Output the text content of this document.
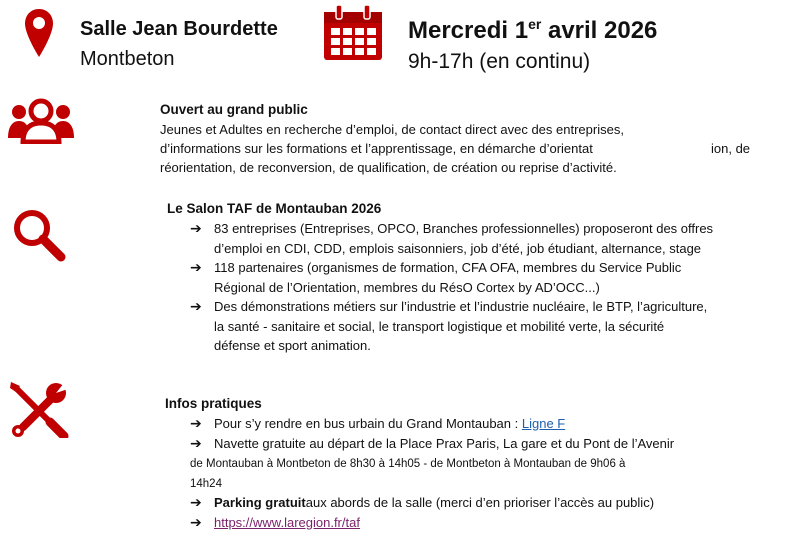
Salle Jean Bourdette
Montbeton
Mercredi 1er avril 2026
9h-17h (en continu)
Ouvert au grand public
Jeunes et Adultes en recherche d’emploi, de contact direct avec des entreprises,
d’informations sur les formations et l’apprentissage, en démarche d’orientat	ion, de
réorientation, de reconversion, de qualification, de création ou reprise d’activité.
Le Salon TAF de Montauban 2026
➔ 83 entreprises (Entreprises, OPCO, Branches professionnelles) proposeront des offres
d’emploi en CDI, CDD, emplois saisonniers, job d’été, job étudiant, alternance, stage
➔ 118 partenaires (organismes de formation, CFA OFA, membres du Service Public
Régional de l’Orientation, membres du RésO Cortex by AD’OCC...)
➔ Des démonstrations métiers sur l’industrie et l’industrie nucléaire, le BTP, l’agriculture,
la santé - sanitaire et social, le transport logistique et mobilité verte, la sécurité
défense et sport animation.
Infos pratiques
➔ Pour s’y rendre en bus urbain du Grand Montauban : Ligne F
➔ Navette gratuite au départ de la Place Prax Paris, La gare et du Pont de l’Avenir
de Montauban à Montbeton de 8h30 à 14h05 - de Montbeton à Montauban de 9h06 à
14h24
➔ Parking gratuitaux abords de la salle (merci d’en prioriser l’accès au public)
➔ https://www.laregion.fr/taf
